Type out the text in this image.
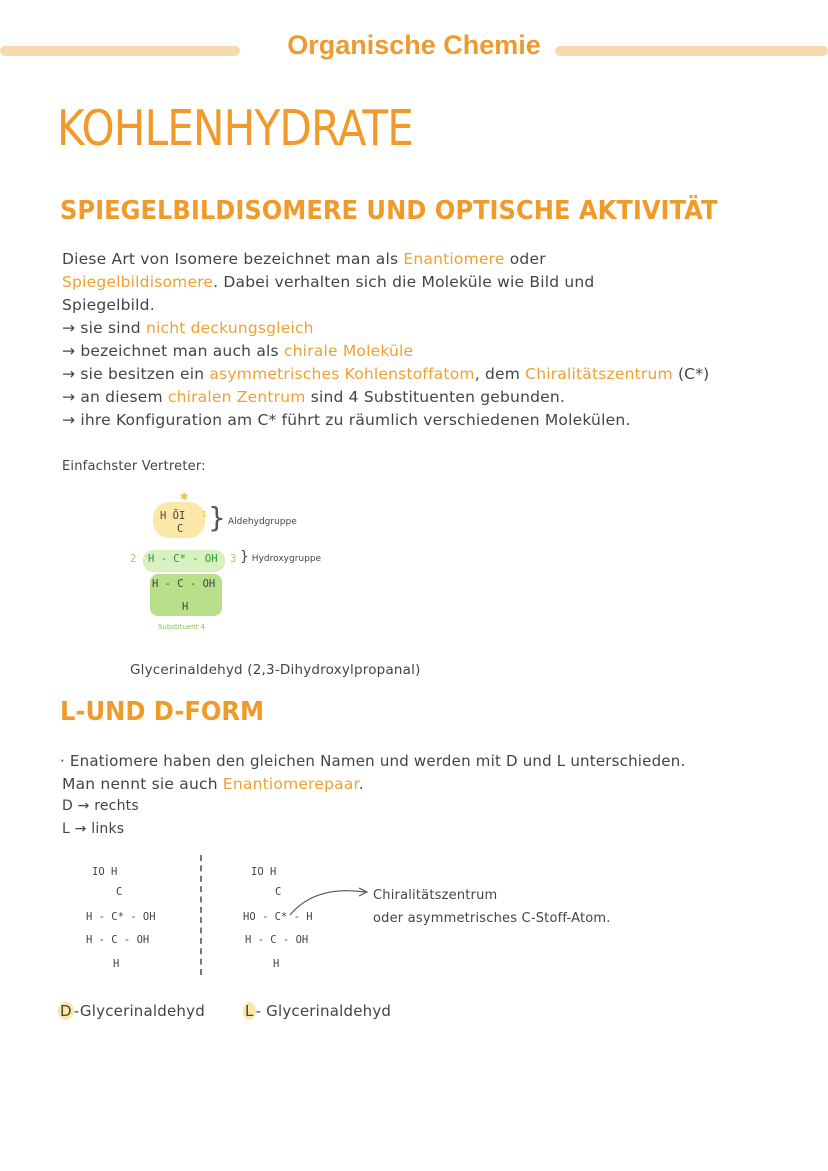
Organische Chemie
KOHLENHYDRATE
SPIEGELBILDISOMERE UND OPTISCHE AKTIVITÄT
Diese Art von Isomere bezeichnet man als Enantiomere oder
Spiegelbildisomere. Dabei verhalten sich die Moleküle wie Bild und
Spiegelbild.
→ sie sind nicht deckungsgleich
→ bezeichnet man auch als chirale Moleküle
→ sie besitzen ein asymmetrisches Kohlenstoffatom, dem Chiralitätszentrum (C*)
→ an diesem chiralen Zentrum sind 4 Substituenten gebunden.
→ ihre Konfiguration am C* führt zu räumlich verschiedenen Molekülen.
Einfachster Vertreter:
✱
H ŌI
C } Aldehydgruppe
2 H - C* - OH 3 } Hydroxygruppe
H - C - OH
H
Substituent 4
1
Glycerinaldehyd (2,3-Dihydroxylpropanal)
L-UND D-FORM
· Enatiomere haben den gleichen Namen und werden mit D und L unterschieden.
Man nennt sie auch Enantiomerepaar.
D → rechts
L → links
IO H
C
H - C* - OH
H - C - OH
H
IO H
C
HO - C* - H
H - C - OH
H
Chiralitätszentrum
oder asymmetrisches C-Stoff-Atom.
D -Glycerinaldehyd	L - Glycerinaldehyd
